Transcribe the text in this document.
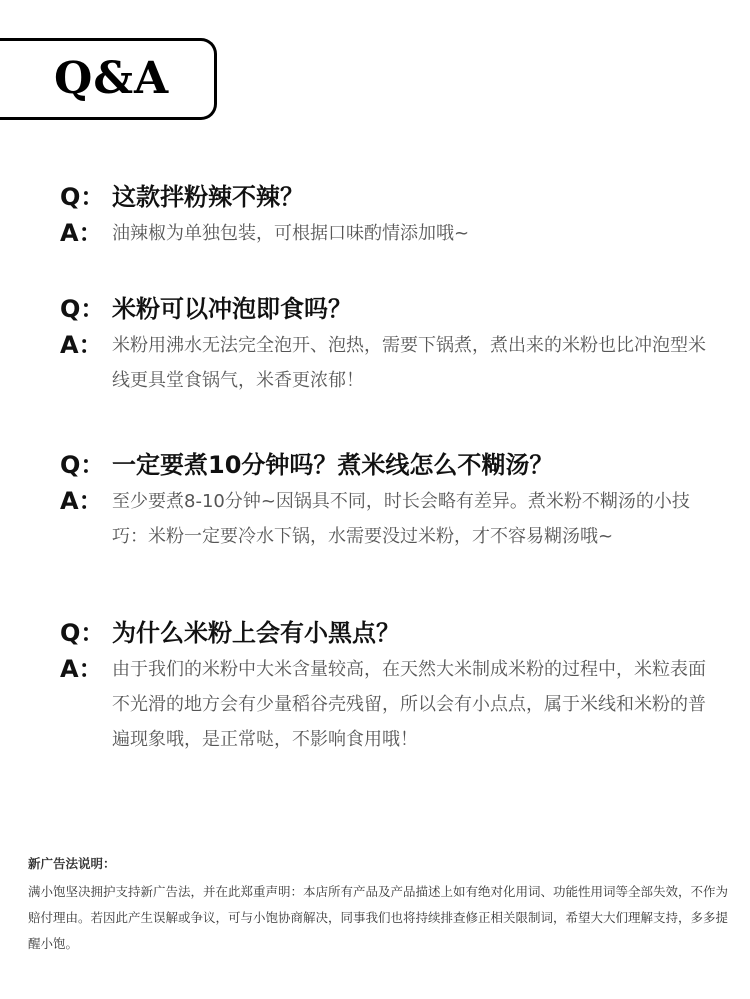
Q&A
Q： 这款拌粉辣不辣？
A： 油辣椒为单独包装，可根据口味酌情添加哦~
Q： 米粉可以冲泡即食吗？
A： 米粉用沸水无法完全泡开、泡热，需要下锅煮，煮出来的米粉也比冲泡型米线更具堂食锅气，米香更浓郁！
Q： 一定要煮10分钟吗？煮米线怎么不糊汤？
A： 至少要煮8-10分钟~因锅具不同，时长会略有差异。煮米粉不糊汤的小技巧：米粉一定要冷水下锅，水需要没过米粉，才不容易糊汤哦~
Q： 为什么米粉上会有小黑点？
A： 由于我们的米粉中大米含量较高，在天然大米制成米粉的过程中，米粒表面不光滑的地方会有少量稻谷壳残留，所以会有小点点，属于米线和米粉的普遍现象哦，是正常哒，不影响食用哦！
新广告法说明：
满小饱坚决拥护支持新广告法，并在此郑重声明：本店所有产品及产品描述上如有绝对化用词、功能性用词等全部失效，不作为赔付理由。若因此产生误解或争议，可与小饱协商解决，同事我们也将持续排查修正相关限制词，希望大大们理解支持，多多提醒小饱。
